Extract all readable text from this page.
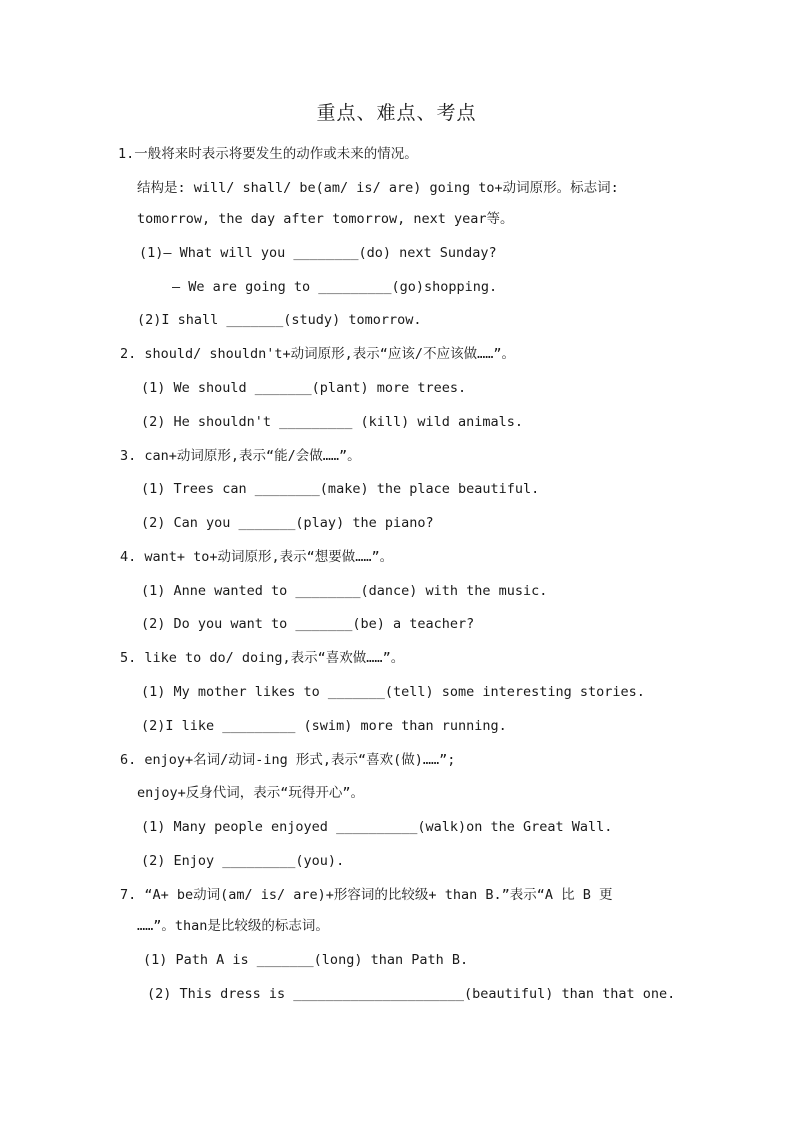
重点、难点、考点
1.一般将来时表示将要发生的动作或未来的情况。
结构是: will/ shall/ be(am/ is/ are) going to+动词原形。标志词:
tomorrow, the day after tomorrow, next year等。
(1)— What will you ________(do) next Sunday?
— We are going to _________(go)shopping.
(2)I shall _______(study) tomorrow.
2. should/ shouldn't+动词原形,表示“应该/不应该做……”。
(1) We should _______(plant) more trees.
(2) He shouldn't _________ (kill) wild animals.
3. can+动词原形,表示“能/会做……”。
(1) Trees can ________(make) the place beautiful.
(2) Can you _______(play) the piano?
4. want+ to+动词原形,表示“想要做……”。
(1) Anne wanted to ________(dance) with the music.
(2) Do you want to _______(be) a teacher?
5. like to do/ doing,表示“喜欢做……”。
(1) My mother likes to _______(tell) some interesting stories.
(2)I like _________ (swim) more than running.
6. enjoy+名词/动词-ing 形式,表示“喜欢(做)……”;
enjoy+反身代词，表示“玩得开心”。
(1) Many people enjoyed __________(walk)on the Great Wall.
(2) Enjoy _________(you).
7. “A+ be动词(am/ is/ are)+形容词的比较级+ than B.”表示“A 比 B 更
……”。than是比较级的标志词。
(1) Path A is _______(long) than Path B.
(2) This dress is _____________________(beautiful) than that one.
